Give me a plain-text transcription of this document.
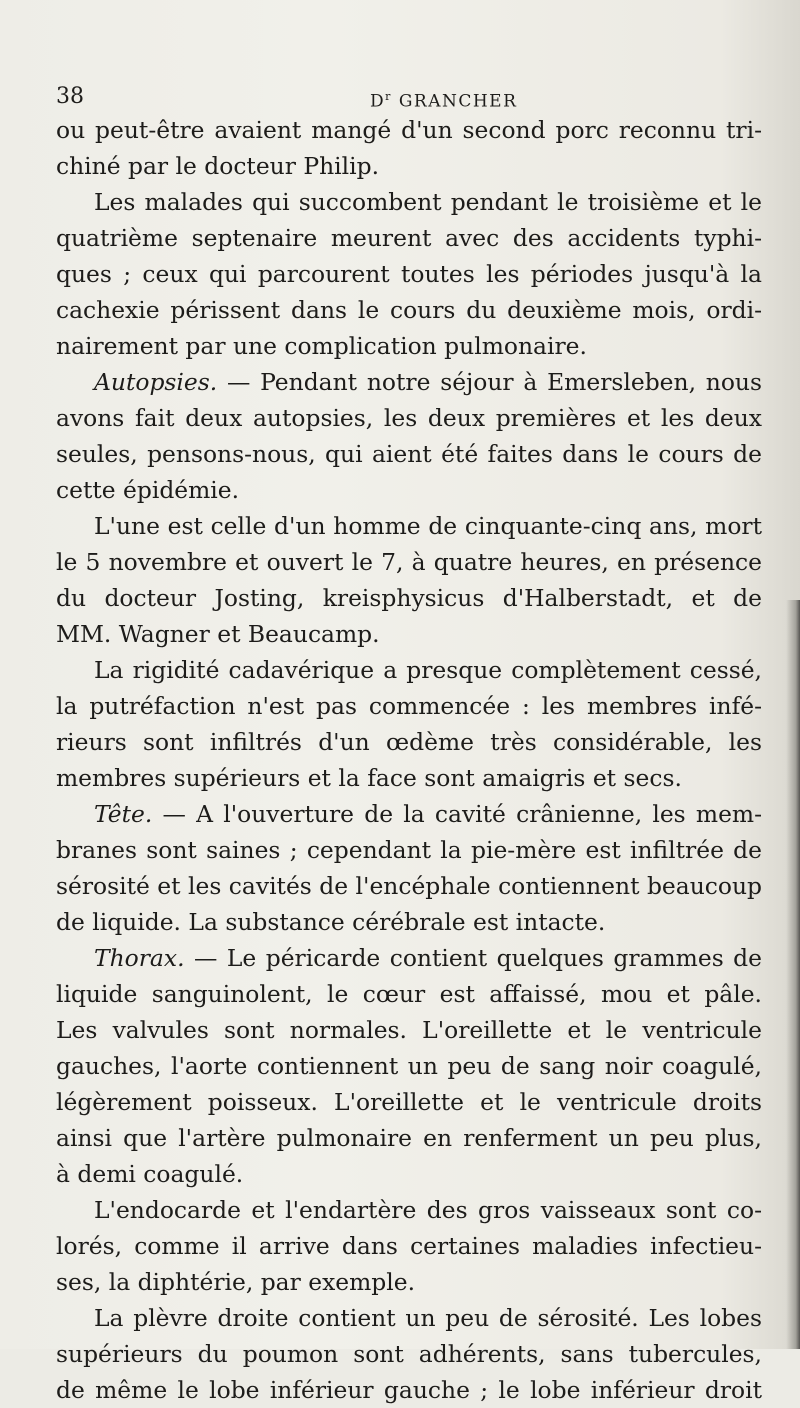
38	$D^r$ GRANCHER
ou peut-être avaient mangé d'un second porc reconnu tri-
chiné par le docteur Philip.
Les malades qui succombent pendant le troisième et le
quatrième septenaire meurent avec des accidents typhi-
ques ; ceux qui parcourent toutes les périodes jusqu'à la
cachexie périssent dans le cours du deuxième mois, ordi-
nairement par une complication pulmonaire.
Autopsies. — Pendant notre séjour à Emersleben, nous
avons fait deux autopsies, les deux premières et les deux
seules, pensons-nous, qui aient été faites dans le cours de
cette épidémie.
L'une est celle d'un homme de cinquante-cinq ans, mort
le 5 novembre et ouvert le 7, à quatre heures, en présence
du docteur Josting, kreisphysicus d'Halberstadt, et de
MM. Wagner et Beaucamp.
La rigidité cadavérique a presque complètement cessé,
la putréfaction n'est pas commencée : les membres infé-
rieurs sont infiltrés d'un œdème très considérable, les
membres supérieurs et la face sont amaigris et secs.
Tête. — A l'ouverture de la cavité crânienne, les mem-
branes sont saines ; cependant la pie-mère est infiltrée de
sérosité et les cavités de l'encéphale contiennent beaucoup
de liquide. La substance cérébrale est intacte.
Thorax. — Le péricarde contient quelques grammes de
liquide sanguinolent, le cœur est affaissé, mou et pâle.
Les valvules sont normales. L'oreillette et le ventricule
gauches, l'aorte contiennent un peu de sang noir coagulé,
légèrement poisseux. L'oreillette et le ventricule droits
ainsi que l'artère pulmonaire en renferment un peu plus,
à demi coagulé.
L'endocarde et l'endartère des gros vaisseaux sont co-
lorés, comme il arrive dans certaines maladies infectieu-
ses, la diphtérie, par exemple.
La plèvre droite contient un peu de sérosité. Les lobes
supérieurs du poumon sont adhérents, sans tubercules,
de même le lobe inférieur gauche ; le lobe inférieur droit
